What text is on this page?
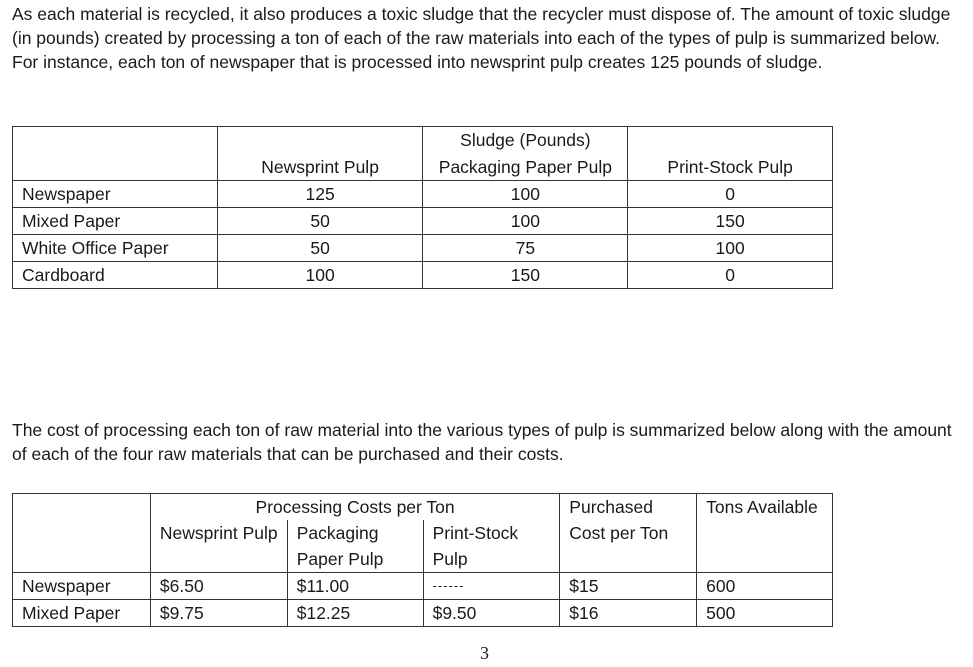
As each material is recycled, it also produces a toxic sludge that the recycler must dispose of. The amount of toxic sludge (in pounds) created by processing a ton of each of the raw materials into each of the types of pulp is summarized below. For instance, each ton of newspaper that is processed into newsprint pulp creates 125 pounds of sludge.

		Sludge (Pounds)	
	Newsprint Pulp	Packaging Paper Pulp	Print-Stock Pulp
Newspaper	125	100	0
Mixed Paper	50	100	150
White Office Paper	50	75	100
Cardboard	100	150	0

The cost of processing each ton of raw material into the various types of pulp is summarized below along with the amount of each of the four raw materials that can be purchased and their costs.

	Processing Costs per Ton			Purchased Cost per Ton	Tons Available
	Newsprint Pulp	Packaging Paper Pulp	Print-Stock Pulp		
Newspaper	$6.50	$11.00	------	$15	600
Mixed Paper	$9.75	$12.25	$9.50	$16	500
3
